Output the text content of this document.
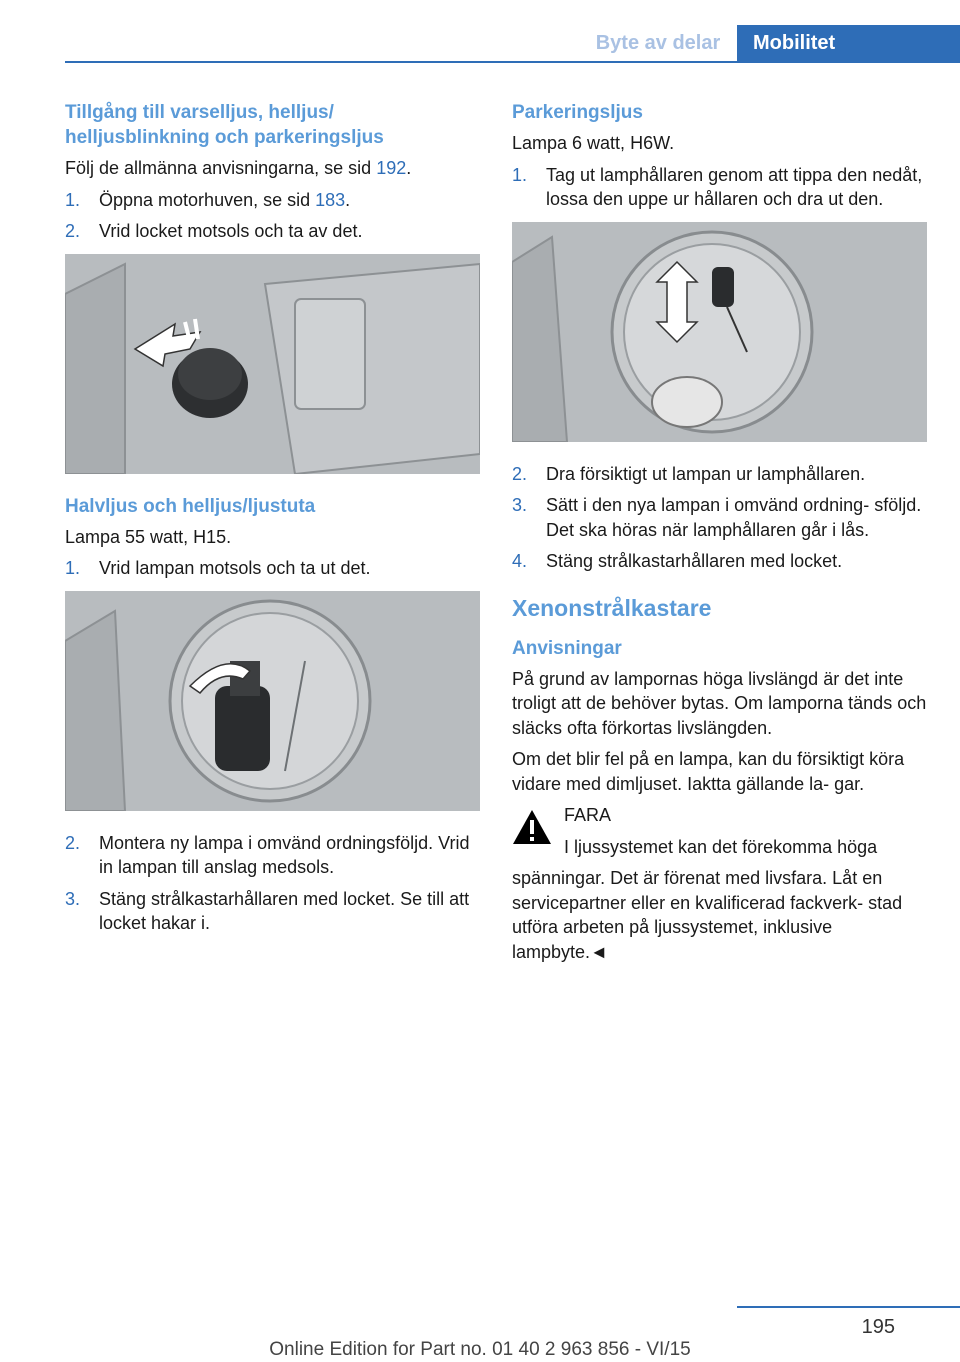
Byte av delar	Mobilitet
Tillgång till varselljus, helljus/ helljusblinkning och parkeringsljus

Följ de allmänna anvisningarna, se sid 192.

1. Öppna motorhuven, se sid 183.
2. Vrid locket motsols och ta av det.
Halvljus och helljus/ljustuta

Lampa 55 watt, H15.

1. Vrid lampan motsols och ta ut det.
2. Montera ny lampa i omvänd ordningsföljd. Vrid in lampan till anslag medsols.
3. Stäng strålkastarhållaren med locket. Se till att locket hakar i.
Parkeringsljus

Lampa 6 watt, H6W.

1. Tag ut lamphållaren genom att tippa den nedåt, lossa den uppe ur hållaren och dra ut den.
2. Dra försiktigt ut lampan ur lamphållaren.
3. Sätt i den nya lampan i omvänd ordning- sföljd. Det ska höras när lamphållaren går i lås.
4. Stäng strålkastarhållaren med locket.
Xenonstrålkastare
Anvisningar

På grund av lampornas höga livslängd är det inte troligt att de behöver bytas. Om lamporna tänds och släcks ofta förkortas livslängden.

Om det blir fel på en lampa, kan du försiktigt köra vidare med dimljuset. Iaktta gällande la- gar.

FARA

I ljussystemet kan det förekomma höga

spänningar. Det är förenat med livsfara. Låt en servicepartner eller en kvalificerad fackverk- stad utföra arbeten på ljussystemet, inklusive lampbyte.◄

195
Online Edition for Part no. 01 40 2 963 856 - VI/15
